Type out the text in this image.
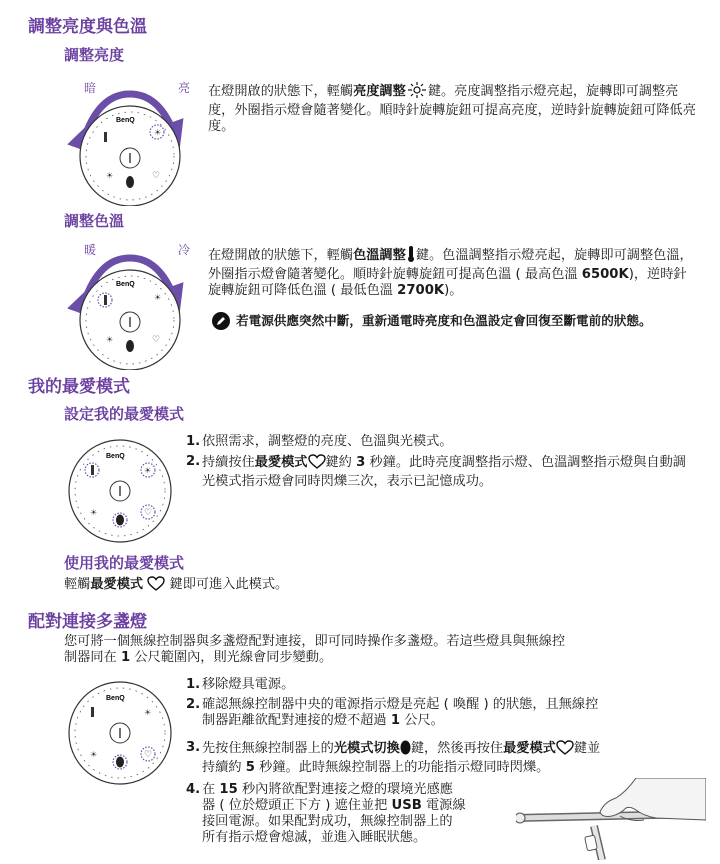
調整亮度與色溫
調整亮度
BenQ
☀
☀	♡
暗	亮 在燈開啟的狀態下，輕觸亮度調整 鍵。亮度調整指示燈亮起，旋轉即可調整亮度，外圈指示燈會隨著變化。順時針旋轉旋鈕可提高亮度，逆時針旋轉旋鈕可降低亮度。
調整色溫
BenQ
☀
☀	♡
暖	冷 在燈開啟的狀態下，輕觸色溫調整 鍵。色溫調整指示燈亮起，旋轉即可調整色溫，外圈指示燈會隨著變化。順時針旋轉旋鈕可提高色溫 ( 最高色溫 6500K)，逆時針旋轉旋鈕可降低色溫 ( 最低色溫 2700K)。
若電源供應突然中斷，重新通電時亮度和色溫設定會回復至斷電前的狀態。
我的最愛模式
設定我的最愛模式
BenQ
☀
☀	♡
1. 依照需求，調整燈的亮度、色溫與光模式。
2. 持續按住最愛模式 鍵約 3 秒鐘。此時亮度調整指示燈、色溫調整指示燈與自動調光模式指示燈會同時閃爍三次，表示已記憶成功。
使用我的最愛模式
輕觸最愛模式 鍵即可進入此模式。
配對連接多盞燈
您可將一個無線控制器與多盞燈配對連接，即可同時操作多盞燈。若這些燈具與無線控
制器同在 1 公尺範圍內，則光線會同步變動。
BenQ
☀
☀	♡
1. 移除燈具電源。
2. 確認無線控制器中央的電源指示燈是亮起 ( 喚醒 ) 的狀態，且無線控
制器距離欲配對連接的燈不超過 1 公尺。
3. 先按住無線控制器上的光模式切換 鍵，然後再按住最愛模式 鍵並
持續約 5 秒鐘。此時無線控制器上的功能指示燈同時閃爍。
4. 在 15 秒內將欲配對連接之燈的環境光感應
器 ( 位於燈頭正下方 ) 遮住並把 USB 電源線
接回電源。如果配對成功，無線控制器上的
所有指示燈會熄滅，並進入睡眠狀態。
